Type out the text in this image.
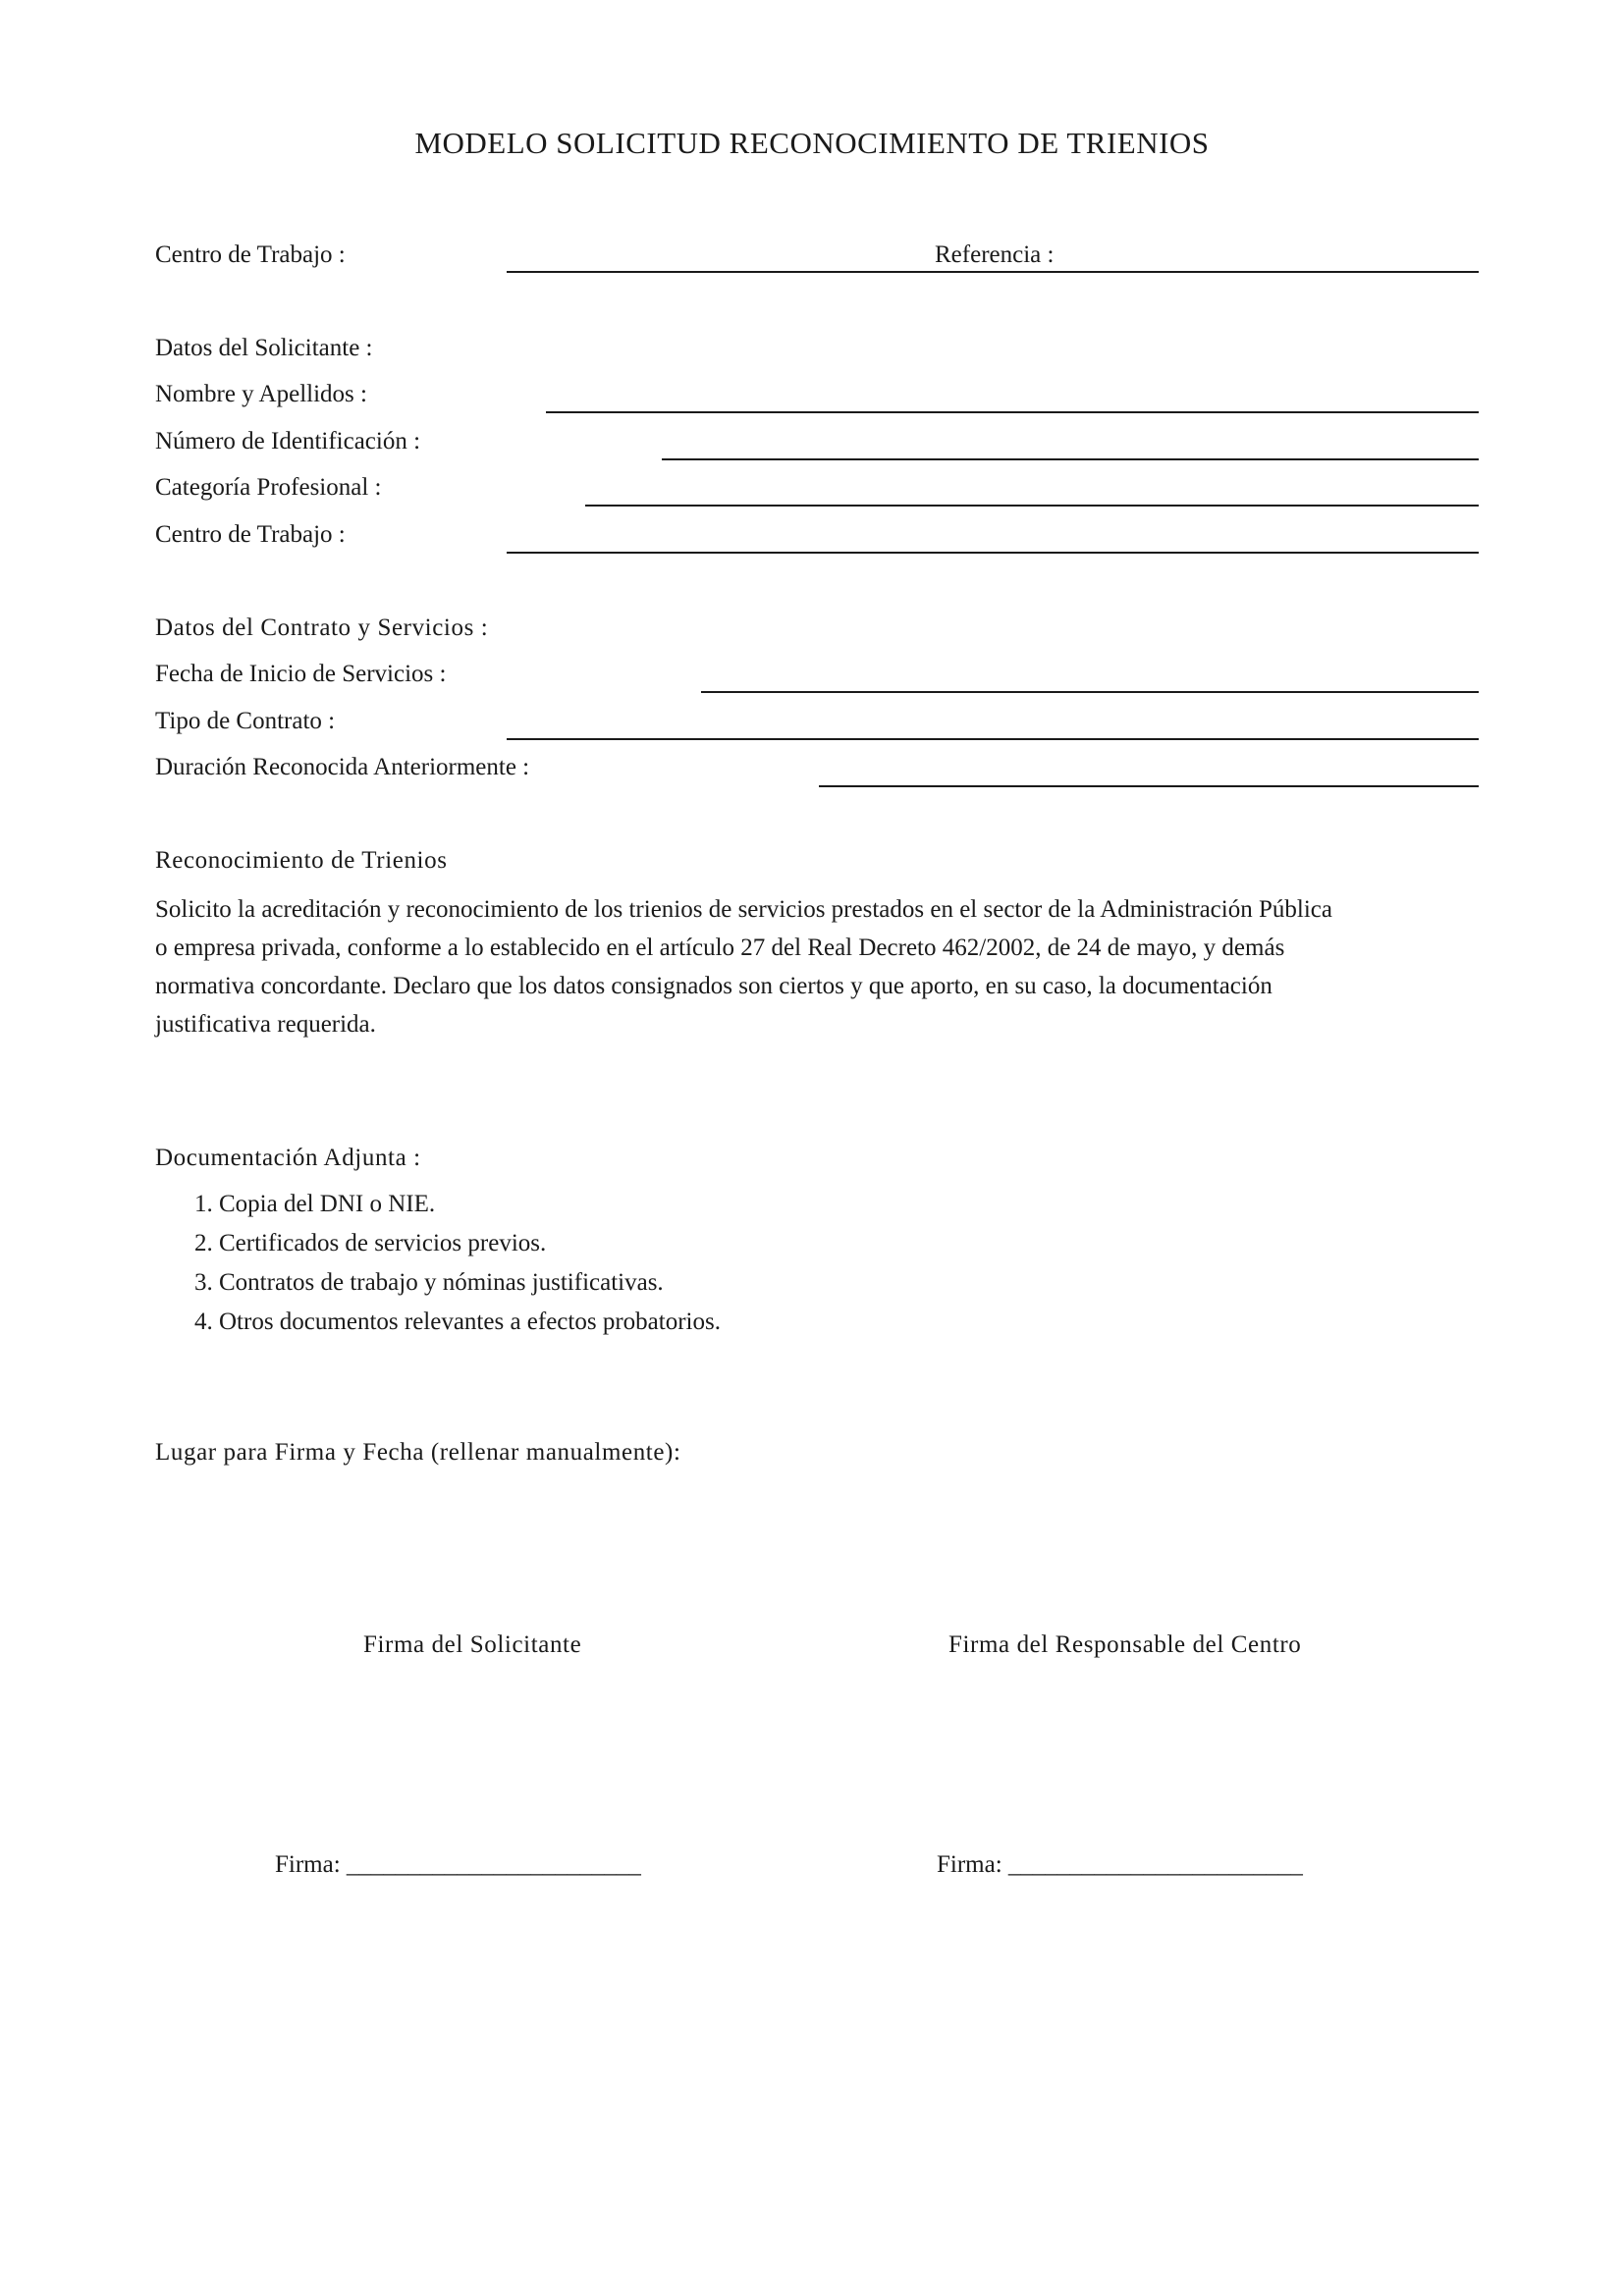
MODELO SOLICITUD RECONOCIMIENTO DE TRIENIOS
Centro de Trabajo :	Referencia :
Datos del Solicitante :
Nombre y Apellidos :
Número de Identificación :
Categoría Profesional :
Centro de Trabajo :
Datos del Contrato y Servicios :
Fecha de Inicio de Servicios :
Tipo de Contrato :
Duración Reconocida Anteriormente :
Reconocimiento de Trienios
Solicito la acreditación y reconocimiento de los trienios de servicios prestados en el sector de la Administración Pública
o empresa privada, conforme a lo establecido en el artículo 27 del Real Decreto 462/2002, de 24 de mayo, y demás
normativa concordante. Declaro que los datos consignados son ciertos y que aporto, en su caso, la documentación
justificativa requerida.
Documentación Adjunta :
1. Copia del DNI o NIE.
2. Certificados de servicios previos.
3. Contratos de trabajo y nóminas justificativas.
4. Otros documentos relevantes a efectos probatorios.
Lugar para Firma y Fecha (rellenar manualmente):
Firma del Solicitante	Firma del Responsable del Centro
Firma: ________________________	Firma: ________________________
